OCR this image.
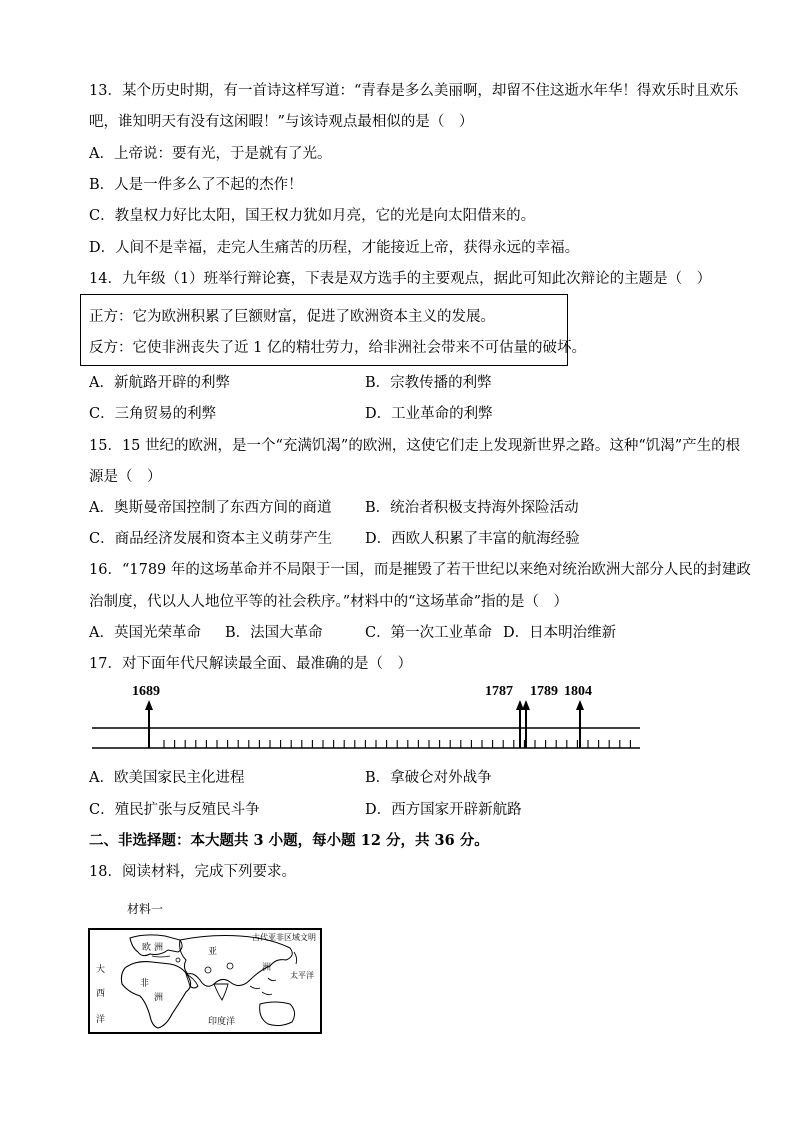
13．某个历史时期，有一首诗这样写道：“青春是多么美丽啊，却留不住这逝水年华！得欢乐时且欢乐
吧，谁知明天有没有这闲暇！”与该诗观点最相似的是（　）
A．上帝说：要有光，于是就有了光。
B．人是一件多么了不起的杰作！
C．教皇权力好比太阳，国王权力犹如月亮，它的光是向太阳借来的。
D．人间不是幸福，走完人生痛苦的历程，才能接近上帝，获得永远的幸福。
14．九年级（1）班举行辩论赛，下表是双方选手的主要观点，据此可知此次辩论的主题是（　）
正方：它为欧洲积累了巨额财富，促进了欧洲资本主义的发展。
反方：它使非洲丧失了近 1 亿的精壮劳力，给非洲社会带来不可估量的破坏。
A．新航路开辟的利弊	B．宗教传播的利弊
C．三角贸易的利弊	D．工业革命的利弊
15．15 世纪的欧洲，是一个“充满饥渴”的欧洲，这使它们走上发现新世界之路。这种“饥渴”产生的根
源是（　）
A．奥斯曼帝国控制了东西方间的商道 B．统治者积极支持海外探险活动
C．商品经济发展和资本主义萌芽产生 D．西欧人积累了丰富的航海经验
16．“1789 年的这场革命并不局限于一国，而是摧毁了若干世纪以来绝对统治欧洲大部分人民的封建政
治制度，代以人人地位平等的社会秩序。”材料中的“这场革命”指的是（　）
A．英国光荣革命 B．法国大革命	C．第一次工业革命 D．日本明治维新
17．对下面年代尺解读最全面、最准确的是（　）
1689	1787 1789 1804
A．欧美国家民主化进程	B．拿破仑对外战争
C．殖民扩张与反殖民斗争	D．西方国家开辟新航路
二、非选择题：本大题共 3 小题，每小题 12 分，共 36 分。
18．阅读材料，完成下列要求。
材料一
古代亚非区域文明
欧 洲	亚
大
西
非
洲
洋
洲
太平洋
印度洋
